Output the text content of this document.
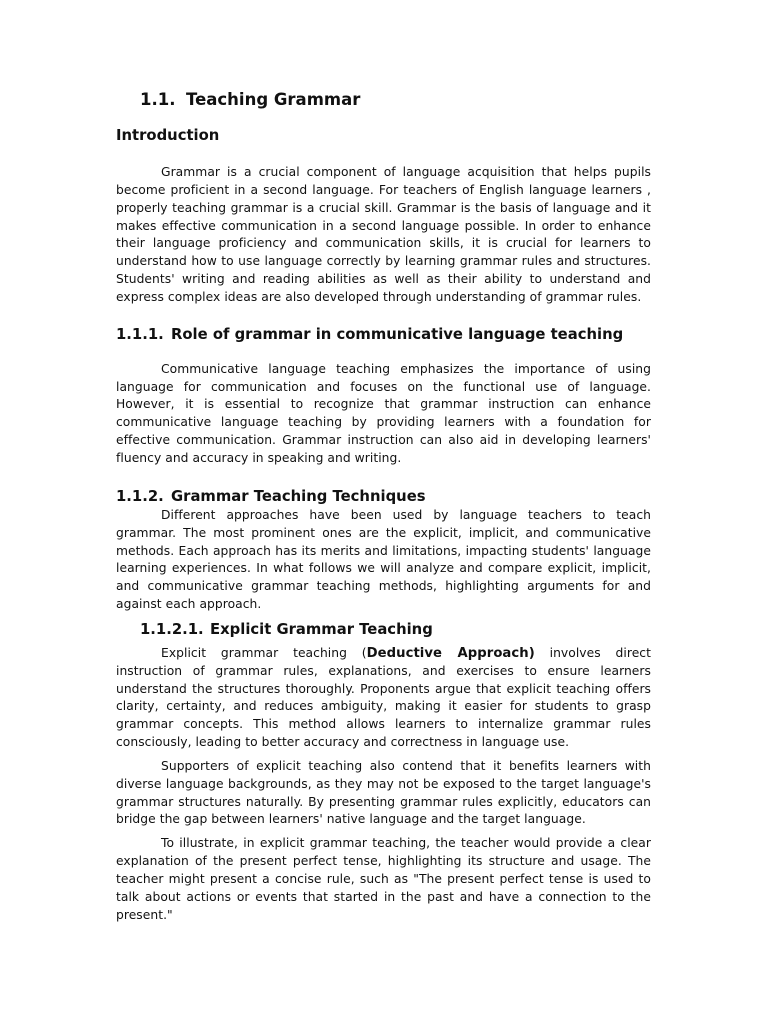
1.1. Teaching Grammar
Introduction

Grammar is a crucial component of language acquisition that helps pupils become proficient in a second language. For teachers of English language learners , properly teaching grammar is a crucial skill. Grammar is the basis of language and it makes effective communication in a second language possible. In order to enhance their language proficiency and communication skills, it is crucial for learners to understand how to use language correctly by learning grammar rules and structures. Students' writing and reading abilities as well as their ability to understand and express complex ideas are also developed through understanding of grammar rules.

1.1.1. Role of grammar in communicative language teaching

Communicative language teaching emphasizes the importance of using language for communication and focuses on the functional use of language. However, it is essential to recognize that grammar instruction can enhance communicative language teaching by providing learners with a foundation for effective communication. Grammar instruction can also aid in developing learners' fluency and accuracy in speaking and writing.

1.1.2. Grammar Teaching Techniques

Different approaches have been used by language teachers to teach grammar. The most prominent ones are the explicit, implicit, and communicative methods. Each approach has its merits and limitations, impacting students' language learning experiences. In what follows we will analyze and compare explicit, implicit, and communicative grammar teaching methods, highlighting arguments for and against each approach.

1.1.2.1. Explicit Grammar Teaching

Explicit grammar teaching (Deductive Approach) involves direct instruction of grammar rules, explanations, and exercises to ensure learners understand the structures thoroughly. Proponents argue that explicit teaching offers clarity, certainty, and reduces ambiguity, making it easier for students to grasp grammar concepts. This method allows learners to internalize grammar rules consciously, leading to better accuracy and correctness in language use.

Supporters of explicit teaching also contend that it benefits learners with diverse language backgrounds, as they may not be exposed to the target language's grammar structures naturally. By presenting grammar rules explicitly, educators can bridge the gap between learners' native language and the target language.

To illustrate, in explicit grammar teaching, the teacher would provide a clear explanation of the present perfect tense, highlighting its structure and usage. The teacher might present a concise rule, such as "The present perfect tense is used to talk about actions or events that started in the past and have a connection to the present."
